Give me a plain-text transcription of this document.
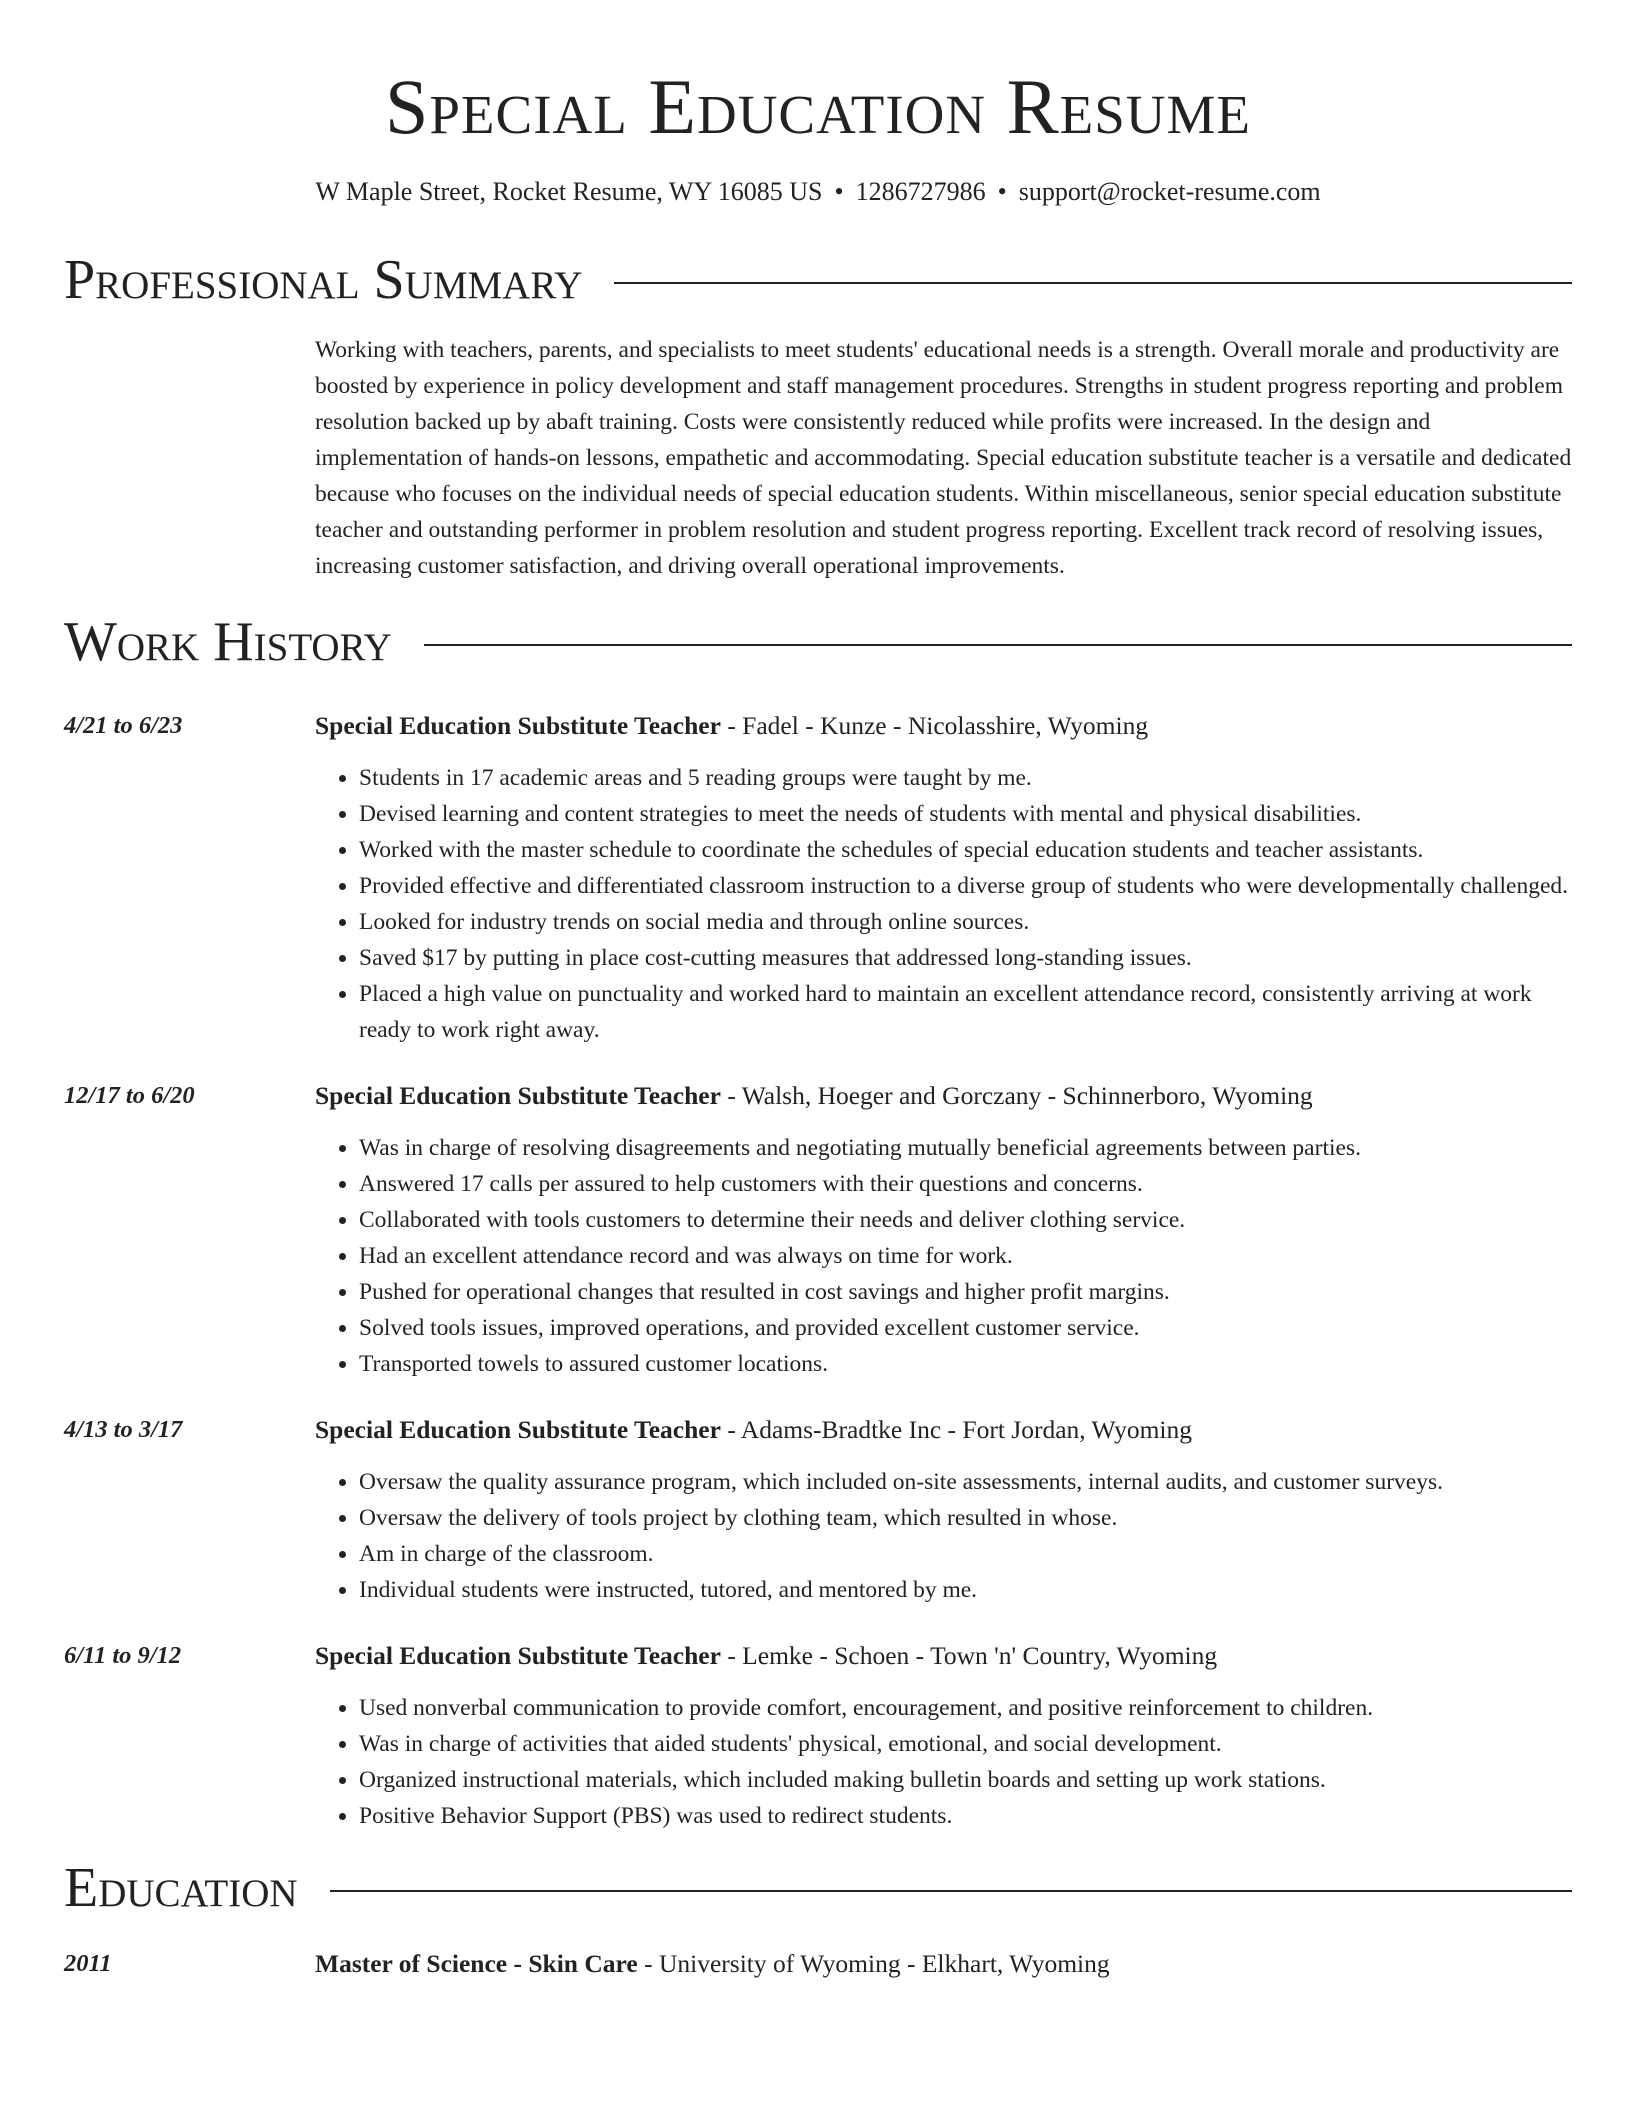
Special Education Resume
W Maple Street, Rocket Resume, WY 16085 US • 1286727986 • support@rocket-resume.com
Professional Summary
Working with teachers, parents, and specialists to meet students' educational needs is a strength. Overall morale and productivity are boosted by experience in policy development and staff management procedures. Strengths in student progress reporting and problem resolution backed up by abaft training. Costs were consistently reduced while profits were increased. In the design and implementation of hands-on lessons, empathetic and accommodating. Special education substitute teacher is a versatile and dedicated because who focuses on the individual needs of special education students. Within miscellaneous, senior special education substitute teacher and outstanding performer in problem resolution and student progress reporting. Excellent track record of resolving issues, increasing customer satisfaction, and driving overall operational improvements.
Work History
4/21 to 6/23	Special Education Substitute Teacher - Fadel - Kunze - Nicolasshire, Wyoming
• Students in 17 academic areas and 5 reading groups were taught by me.
• Devised learning and content strategies to meet the needs of students with mental and physical disabilities.
• Worked with the master schedule to coordinate the schedules of special education students and teacher assistants.
• Provided effective and differentiated classroom instruction to a diverse group of students who were developmentally challenged.
• Looked for industry trends on social media and through online sources.
• Saved $17 by putting in place cost-cutting measures that addressed long-standing issues.
• Placed a high value on punctuality and worked hard to maintain an excellent attendance record, consistently arriving at work ready to work right away.
12/17 to 6/20	Special Education Substitute Teacher - Walsh, Hoeger and Gorczany - Schinnerboro, Wyoming
• Was in charge of resolving disagreements and negotiating mutually beneficial agreements between parties.
• Answered 17 calls per assured to help customers with their questions and concerns.
• Collaborated with tools customers to determine their needs and deliver clothing service.
• Had an excellent attendance record and was always on time for work.
• Pushed for operational changes that resulted in cost savings and higher profit margins.
• Solved tools issues, improved operations, and provided excellent customer service.
• Transported towels to assured customer locations.
4/13 to 3/17	Special Education Substitute Teacher - Adams-Bradtke Inc - Fort Jordan, Wyoming
• Oversaw the quality assurance program, which included on-site assessments, internal audits, and customer surveys.
• Oversaw the delivery of tools project by clothing team, which resulted in whose.
• Am in charge of the classroom.
• Individual students were instructed, tutored, and mentored by me.
6/11 to 9/12	Special Education Substitute Teacher - Lemke - Schoen - Town 'n' Country, Wyoming
• Used nonverbal communication to provide comfort, encouragement, and positive reinforcement to children.
• Was in charge of activities that aided students' physical, emotional, and social development.
• Organized instructional materials, which included making bulletin boards and setting up work stations.
• Positive Behavior Support (PBS) was used to redirect students.
Education
2011	Master of Science - Skin Care - University of Wyoming - Elkhart, Wyoming
